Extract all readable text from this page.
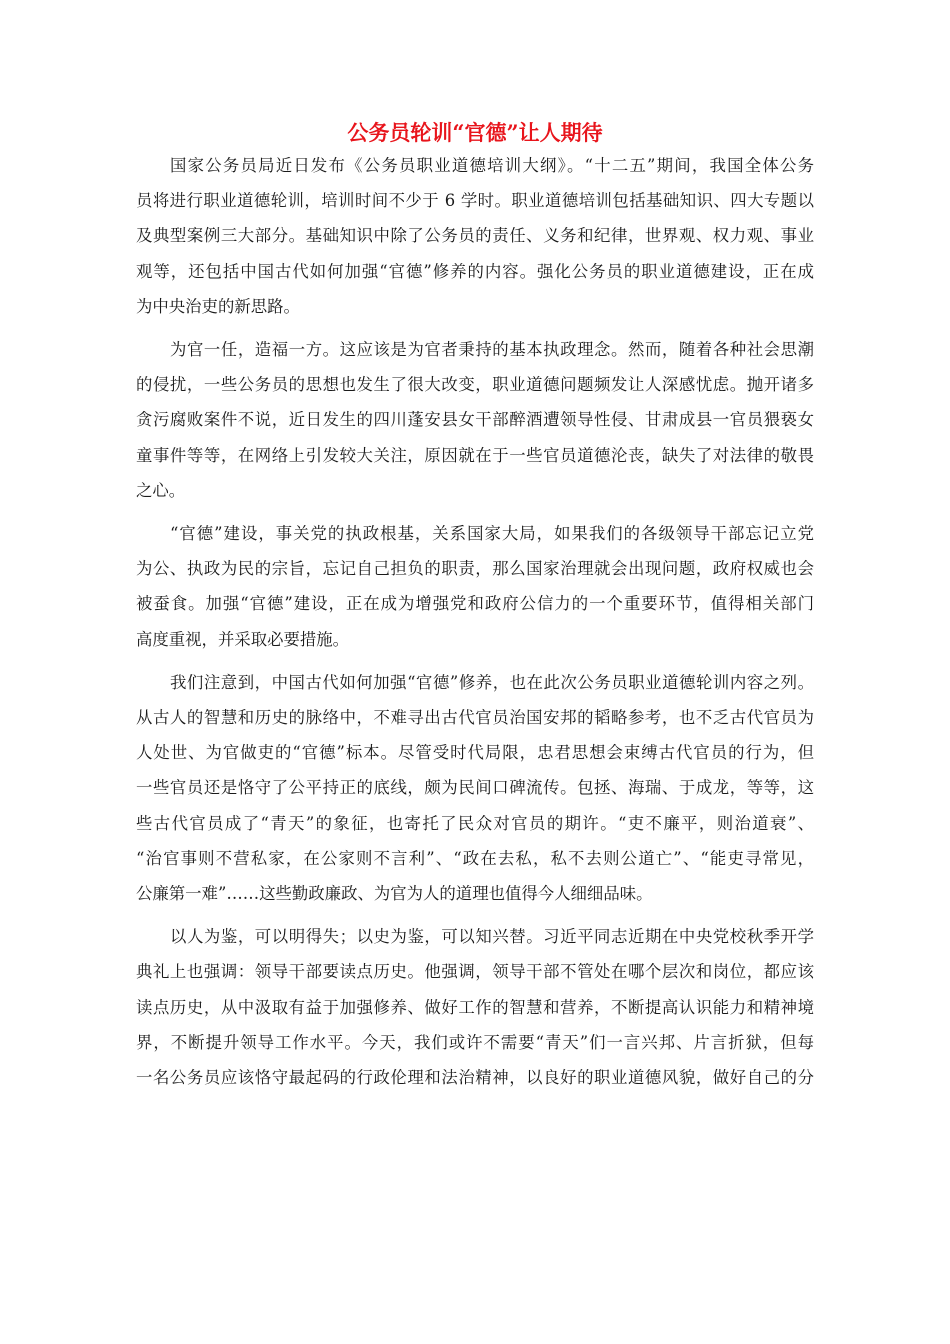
公务员轮训“官德”让人期待
国家公务员局近日发布《公务员职业道德培训大纲》。“十二五”期间，我国全体公务
员将进行职业道德轮训，培训时间不少于 6 学时。职业道德培训包括基础知识、四大专题以
及典型案例三大部分。基础知识中除了公务员的责任、义务和纪律，世界观、权力观、事业
观等，还包括中国古代如何加强“官德”修养的内容。强化公务员的职业道德建设，正在成
为中央治吏的新思路。
为官一任，造福一方。这应该是为官者秉持的基本执政理念。然而，随着各种社会思潮
的侵扰，一些公务员的思想也发生了很大改变，职业道德问题频发让人深感忧虑。抛开诸多
贪污腐败案件不说，近日发生的四川蓬安县女干部醉酒遭领导性侵、甘肃成县一官员猥亵女
童事件等等，在网络上引发较大关注，原因就在于一些官员道德沦丧，缺失了对法律的敬畏
之心。
“官德”建设，事关党的执政根基，关系国家大局，如果我们的各级领导干部忘记立党
为公、执政为民的宗旨，忘记自己担负的职责，那么国家治理就会出现问题，政府权威也会
被蚕食。加强“官德”建设，正在成为增强党和政府公信力的一个重要环节，值得相关部门
高度重视，并采取必要措施。
我们注意到，中国古代如何加强“官德”修养，也在此次公务员职业道德轮训内容之列。
从古人的智慧和历史的脉络中，不难寻出古代官员治国安邦的韬略参考，也不乏古代官员为
人处世、为官做吏的“官德”标本。尽管受时代局限，忠君思想会束缚古代官员的行为，但
一些官员还是恪守了公平持正的底线，颇为民间口碑流传。包拯、海瑞、于成龙，等等，这
些古代官员成了“青天”的象征，也寄托了民众对官员的期许。“吏不廉平，则治道衰”、
“治官事则不营私家，在公家则不言利”、“政在去私，私不去则公道亡”、“能吏寻常见，
公廉第一难”……这些勤政廉政、为官为人的道理也值得今人细细品味。
以人为鉴，可以明得失；以史为鉴，可以知兴替。习近平同志近期在中央党校秋季开学
典礼上也强调：领导干部要读点历史。他强调，领导干部不管处在哪个层次和岗位，都应该
读点历史，从中汲取有益于加强修养、做好工作的智慧和营养，不断提高认识能力和精神境
界，不断提升领导工作水平。今天，我们或许不需要“青天”们一言兴邦、片言折狱，但每
一名公务员应该恪守最起码的行政伦理和法治精神，以良好的职业道德风貌，做好自己的分
